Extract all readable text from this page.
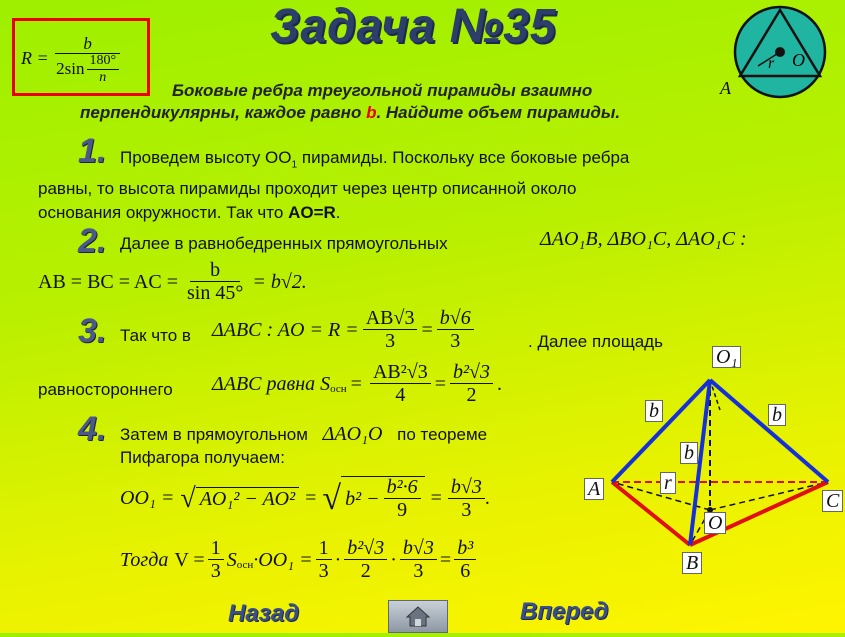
Задача №35
$R = \frac{b}{2\sin \frac{180^\circ}{n}}$	r O
A
Боковые ребра треугольной пирамиды взаимно
перпендикулярны, каждое равно b. Найдите объем пирамиды.
1. Проведем высоту $OO_1$ пирамиды. Поскольку все боковые ребра
равны, то высота пирамиды проходит через центр описанной около
основания окружности. Так что AO=R.
2. Далее в равнобедренных прямоугольных	ΔAO₁B, ΔBO₁C, ΔAO₁C :
AB = BC = AC = $\frac{b}{\sin 45^\circ} = b√2$.
3. Так что в ΔABC : AO = $R = \frac{AB√3}{3} = \frac{b√6}{3}$	. Далее площадь
равностороннего ΔABC равна $S_{осн} = \frac{\text{AB²√3}}{4} = \frac{\text{b²√3}}{2}$ .
4. Затем в прямоугольном ΔAO₁O по теореме
Пифагора получаем:
OO₁ = √ AO₁² − AO² = √ $b^2 - \frac{\text{b²·6}}{9} = \frac{b√3}{3}$ .
Тогда $V = \frac{1}{3} S_{осн} \cdot OO_1 = \frac{1}{3} \cdot \frac{\text{b²√3}}{2} \cdot \frac{b√3}{3} = \frac{\text{b³}}{6}$
O₁
b	b
b
A
C
r
O
B
Назад	Вперед
